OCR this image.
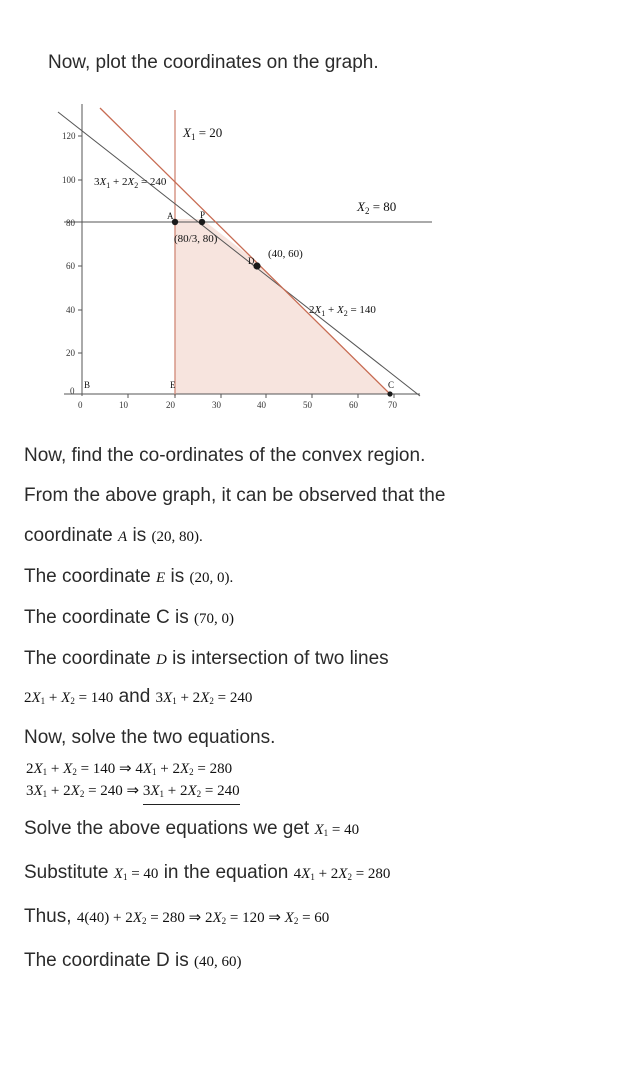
Now, plot the coordinates on the graph.
120
100
80
60
40
20
0
0	10	20	30	40	50	60	70
A	P
D
B	E	C
(80/3, 80)
(40, 60)
$X_1 = 20$
$X_2 = 80$
$3X_1 + 2X_2 = 240$
$2X_1 + X_2 = 140$
Now, find the co-ordinates of the convex region.
From the above graph, it can be observed that the
coordinate A is (20, 80).
The coordinate E is (20, 0).
The coordinate C is (70, 0)
The coordinate D is intersection of two lines
$2X_1 + X_2 = 140$ and $3X_1 + 2X_2 = 240$
Now, solve the two equations.
$2X_1 + X_2 = 140$ ⇒ $4X_1 + 2X_2 = 280$
$3X_1 + 2X_2 = 240$ ⇒ $3X_1 + 2X_2 = 240$
Solve the above equations we get $X_1 = 40$
Substitute $X_1 = 40$ in the equation $4X_1 + 2X_2 = 280$
Thus, $4(40) + 2X_2 = 280$ ⇒ $2X_2 = 120$ ⇒ $X_2 = 60$
The coordinate D is (40, 60)
